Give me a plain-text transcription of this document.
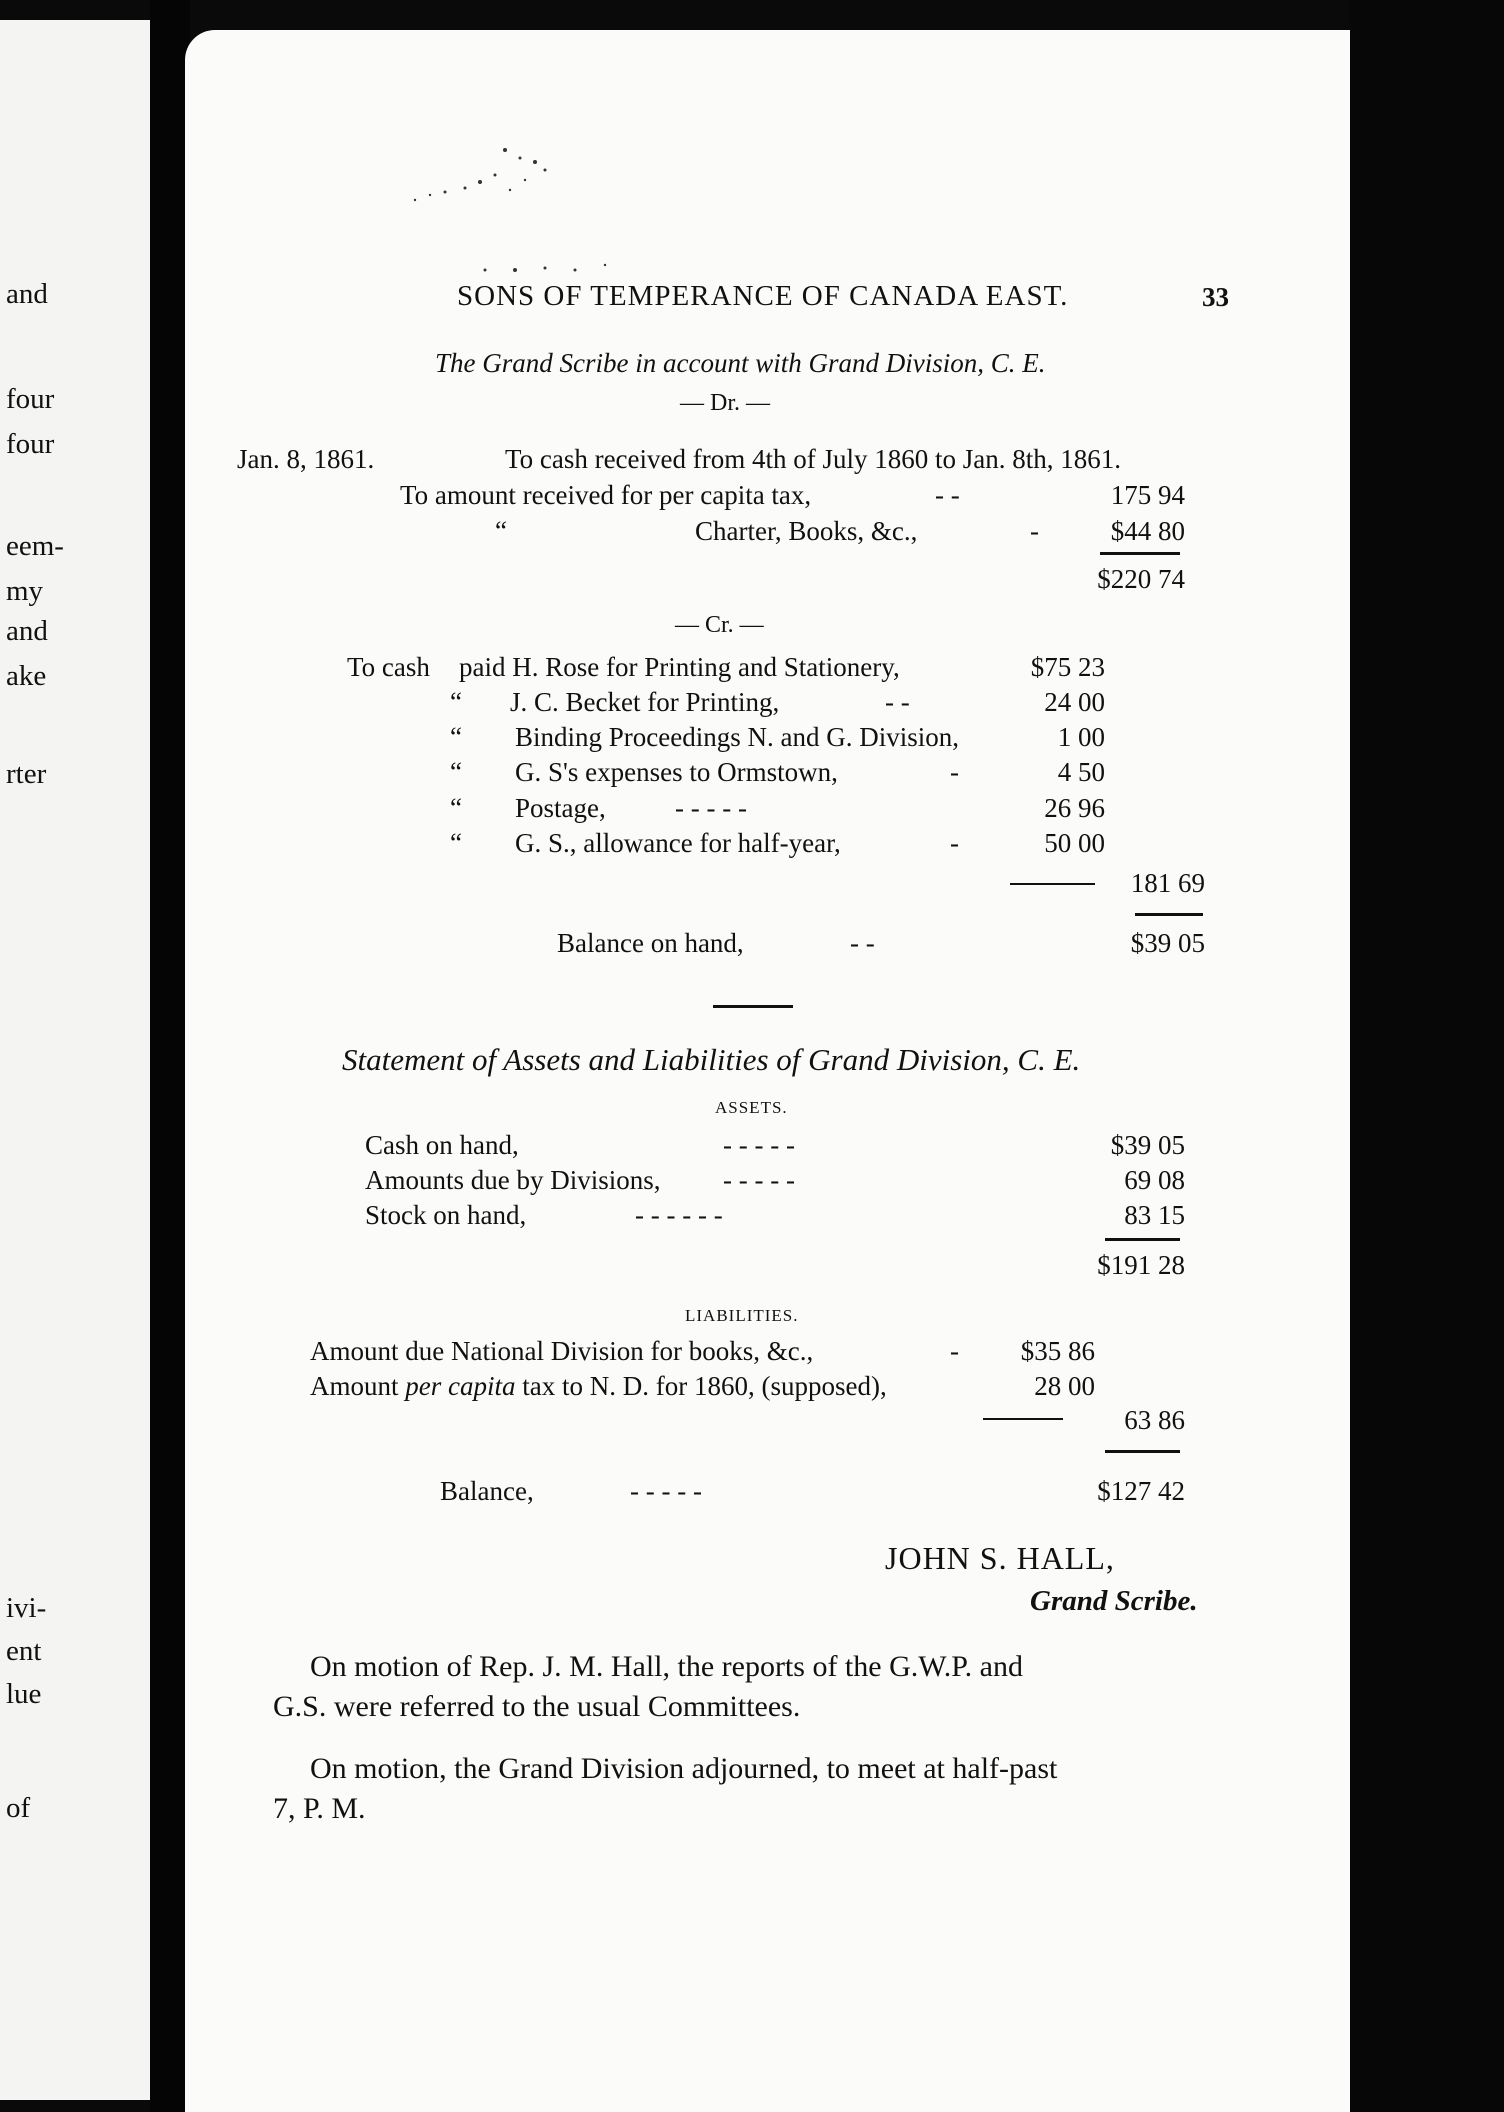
and
four
four
eem-
my
and
ake
rter
ivi-
ent
lue
of
SONS OF TEMPERANCE OF CANADA EAST.	33
The Grand Scribe in account with Grand Division, C. E.
— Dr. —
Jan. 8, 1861.	To cash received from 4th of July 1860 to Jan. 8th, 1861.
To amount received for per capita tax,	- -	175 94
“	Charter, Books, &c.,	-	$44 80
$220 74
— Cr. —
To cash paid H. Rose for Printing and Stationery,	$75 23
“ J. C. Becket for Printing,	- -	24 00
“ Binding Proceedings N. and G. Division,	1 00
“ G. S's expenses to Ormstown,	-	4 50
“ Postage,	- - - - -	26 96
“ G. S., allowance for half-year,	-	50 00
181 69
Balance on hand,	- -	$39 05
Statement of Assets and Liabilities of Grand Division, C. E.
ASSETS.
Cash on hand,	- - - - -	$39 05
Amounts due by Divisions, - - - - -	69 08
Stock on hand,	- - - - - -	83 15
$191 28
LIABILITIES.
Amount due National Division for books, &c.,	-	$35 86
Amount per capita tax to N. D. for 1860, (supposed),	28 00
63 86
Balance,	- - - - -	$127 42
JOHN S. HALL,
Grand Scribe.
On motion of Rep. J. M. Hall, the reports of the G.W.P. and
G.S. were referred to the usual Committees.
On motion, the Grand Division adjourned, to meet at half-past
7, P. M.
